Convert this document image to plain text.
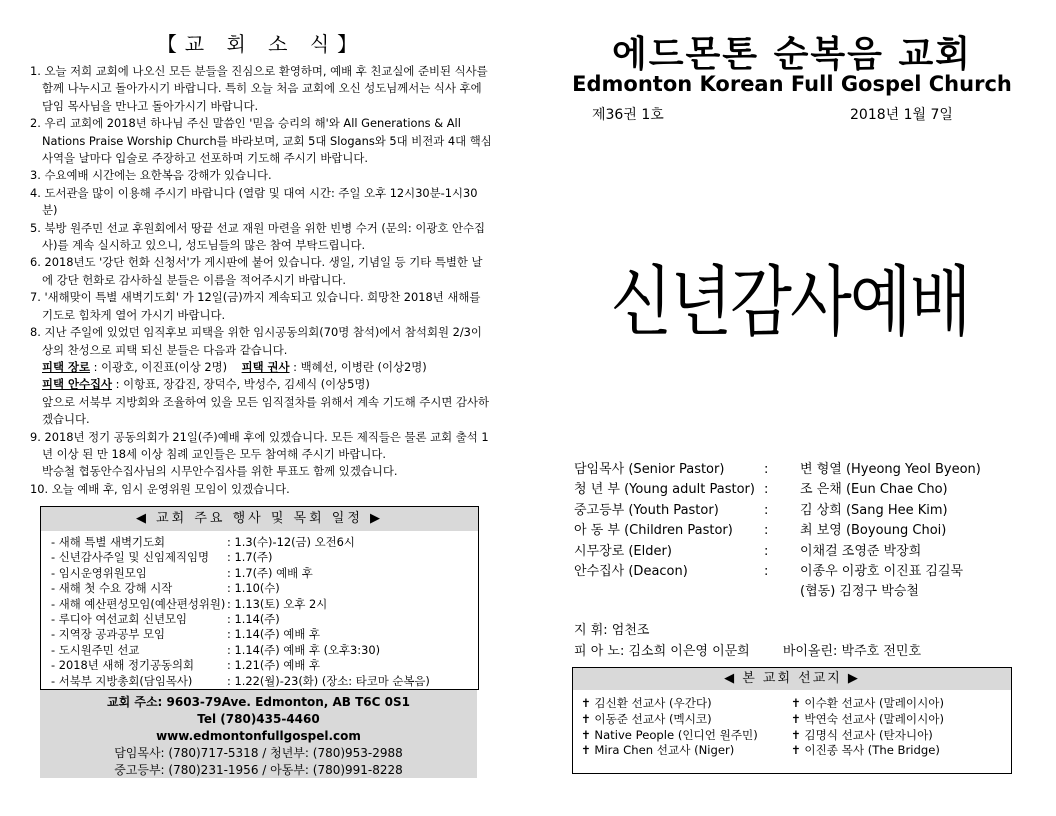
【교 회 소 식】
1. 오늘 저희 교회에 나오신 모든 분들을 진심으로 환영하며, 예배 후 친교실에 준비된 식사를 함께 나누시고 돌아가시기 바랍니다. 특히 오늘 처음 교회에 오신 성도님께서는 식사 후에 담임 목사님을 만나고 돌아가시기 바랍니다.
2. 우리 교회에 2018년 하나님 주신 말씀인 '믿음 승리의 해'와 All Generations & All Nations Praise Worship Church를 바라보며, 교회 5대 Slogans와 5대 비전과 4대 핵심 사역을 날마다 입술로 주장하고 선포하며 기도해 주시기 바랍니다.
3. 수요예배 시간에는 요한복음 강해가 있습니다.
4. 도서관을 많이 이용해 주시기 바랍니다 (열람 및 대여 시간: 주일 오후 12시30분-1시30분)
5. 북방 원주민 선교 후원회에서 땅끝 선교 재원 마련을 위한 빈병 수거 (문의: 이광호 안수집사)를 계속 실시하고 있으니, 성도님들의 많은 참여 부탁드립니다.
6. 2018년도 '강단 헌화 신청서'가 게시판에 붙어 있습니다. 생일, 기념일 등 기타 특별한 날에 강단 헌화로 감사하실 분들은 이름을 적어주시기 바랍니다.
7. '새해맞이 특별 새벽기도회' 가 12일(금)까지 계속되고 있습니다. 희망찬 2018년 새해를 기도로 힘차게 열어 가시기 바랍니다.
8. 지난 주일에 있었던 임직후보 피택을 위한 임시공동의회(70명 참석)에서 참석회원 2/3이상의 찬성으로 피택 되신 분들은 다음과 같습니다.
피택 장로 : 이광호, 이진표(이상 2명) 피택 권사 : 백혜선, 이병란 (이상2명)
피택 안수집사 : 이항표, 장갑진, 장덕수, 박성수, 김세식 (이상5명)
앞으로 서북부 지방회와 조율하여 있을 모든 임직절차를 위해서 계속 기도해 주시면 감사하겠습니다.
9. 2018년 정기 공동의회가 21일(주)예배 후에 있겠습니다. 모든 제직들은 물론 교회 출석 1년 이상 된 만 18세 이상 침례 교인들은 모두 참여해 주시기 바랍니다.
박승철 협동안수집사님의 시무안수집사를 위한 투표도 함께 있겠습니다.
10. 오늘 예배 후, 임시 운영위원 모임이 있겠습니다.
◀ 교회 주요 행사 및 목회 일정 ▶
- 새해 특별 새벽기도회	: 1.3(수)-12(금) 오전6시
- 신년감사주일 및 신임제직임명 : 1.7(주)
- 임시운영위원모임	: 1.7(주) 예배 후
- 새해 첫 수요 강해 시작	: 1.10(수)
- 새해 예산편성모임(예산편성위원) : 1.13(토) 오후 2시
- 루디아 여선교회 신년모임	: 1.14(주)
- 지역장 공과공부 모임	: 1.14(주) 예배 후
- 도시원주민 선교	: 1.14(주) 예배 후 (오후3:30)
- 2018년 새해 정기공동의회	: 1.21(주) 예배 후
- 서북부 지방총회(담임목사)	: 1.22(월)-23(화) (장소: 타코마 순복음)
교회 주소: 9603-79Ave. Edmonton, AB T6C 0S1
Tel (780)435-4460
www.edmontonfullgospel.com
담임목사: (780)717-5318 / 청년부: (780)953-2988
중고등부: (780)231-1956 / 아동부: (780)991-8228
에드몬톤 순복음 교회
Edmonton Korean Full Gospel Church
제36권 1호	2018년 1월 7일
신년감사예배
담임목사 (Senior Pastor)	:	변 형열 (Hyeong Yeol Byeon)
청 년 부 (Young adult Pastor) :	조 은채 (Eun Chae Cho)
중고등부 (Youth Pastor)	:	김 상희 (Sang Hee Kim)
아 동 부 (Children Pastor)	:	최 보영 (Boyoung Choi)
시무장로 (Elder)	:	이채걸 조영준 박장희
안수집사 (Deacon)	:	이종우 이광호 이진표 김길묵
(협동) 김정구 박승철
지 휘: 엄천조
피 아 노: 김소희 이은영 이문희	바이올린: 박주호 전민호
◀ 본 교회 선교지 ▶
✝ 김신환 선교사 (우간다)	✝ 이수환 선교사 (말레이시아)
✝ 이동준 선교사 (멕시코)	✝ 박연숙 선교사 (말레이시아)
✝ Native People (인디언 원주민)	✝ 김명식 선교사 (탄자니아)
✝ Mira Chen 선교사 (Niger)	✝ 이진종 목사 (The Bridge)
